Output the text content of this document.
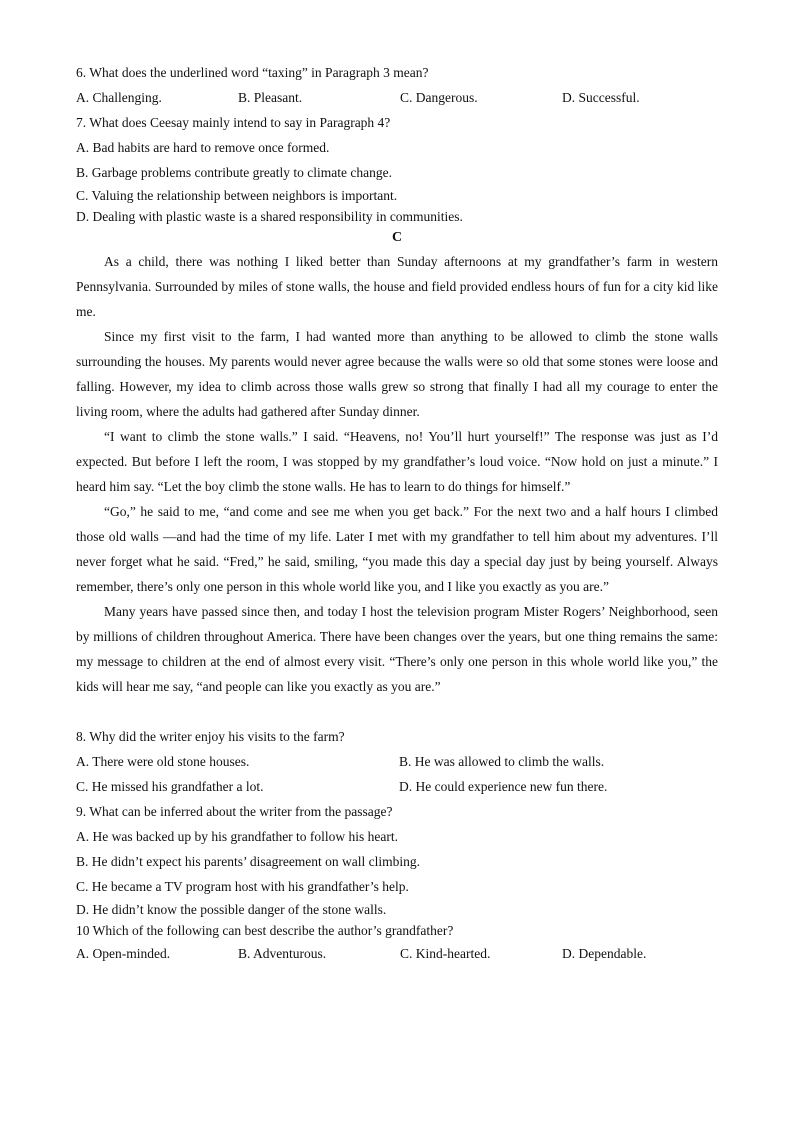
6. What does the underlined word “taxing” in Paragraph 3 mean?
A. Challenging.	B. Pleasant.	C. Dangerous.	D. Successful.
7. What does Ceesay mainly intend to say in Paragraph 4?
A. Bad habits are hard to remove once formed.
B. Garbage problems contribute greatly to climate change.
C. Valuing the relationship between neighbors is important.
D. Dealing with plastic waste is a shared responsibility in communities.
C

As a child, there was nothing I liked better than Sunday afternoons at my grandfather’s farm in western Pennsylvania. Surrounded by miles of stone walls, the house and field provided endless hours of fun for a city kid like me.

Since my first visit to the farm, I had wanted more than anything to be allowed to climb the stone walls surrounding the houses. My parents would never agree because the walls were so old that some stones were loose and falling. However, my idea to climb across those walls grew so strong that finally I had all my courage to enter the living room, where the adults had gathered after Sunday dinner.

“I want to climb the stone walls.” I said. “Heavens, no! You’ll hurt yourself!” The response was just as I’d expected. But before I left the room, I was stopped by my grandfather’s loud voice. “Now hold on just a minute.” I heard him say. “Let the boy climb the stone walls. He has to learn to do things for himself.”

“Go,” he said to me, “and come and see me when you get back.” For the next two and a half hours I climbed those old walls —and had the time of my life. Later I met with my grandfather to tell him about my adventures. I’ll never forget what he said. “Fred,” he said, smiling, “you made this day a special day just by being yourself. Always remember, there’s only one person in this whole world like you, and I like you exactly as you are.”

Many years have passed since then, and today I host the television program Mister Rogers’ Neighborhood, seen by millions of children throughout America. There have been changes over the years, but one thing remains the same: my message to children at the end of almost every visit. “There’s only one person in this whole world like you,” the kids will hear me say, “and people can like you exactly as you are.”

8. Why did the writer enjoy his visits to the farm?
A. There were old stone houses.	B. He was allowed to climb the walls.
C. He missed his grandfather a lot.	D. He could experience new fun there.
9. What can be inferred about the writer from the passage?
A. He was backed up by his grandfather to follow his heart.
B. He didn’t expect his parents’ disagreement on wall climbing.
C. He became a TV program host with his grandfather’s help.
D. He didn’t know the possible danger of the stone walls.
10 Which of the following can best describe the author’s grandfather?
A. Open-minded.	B. Adventurous.	C. Kind-hearted.	D. Dependable.
